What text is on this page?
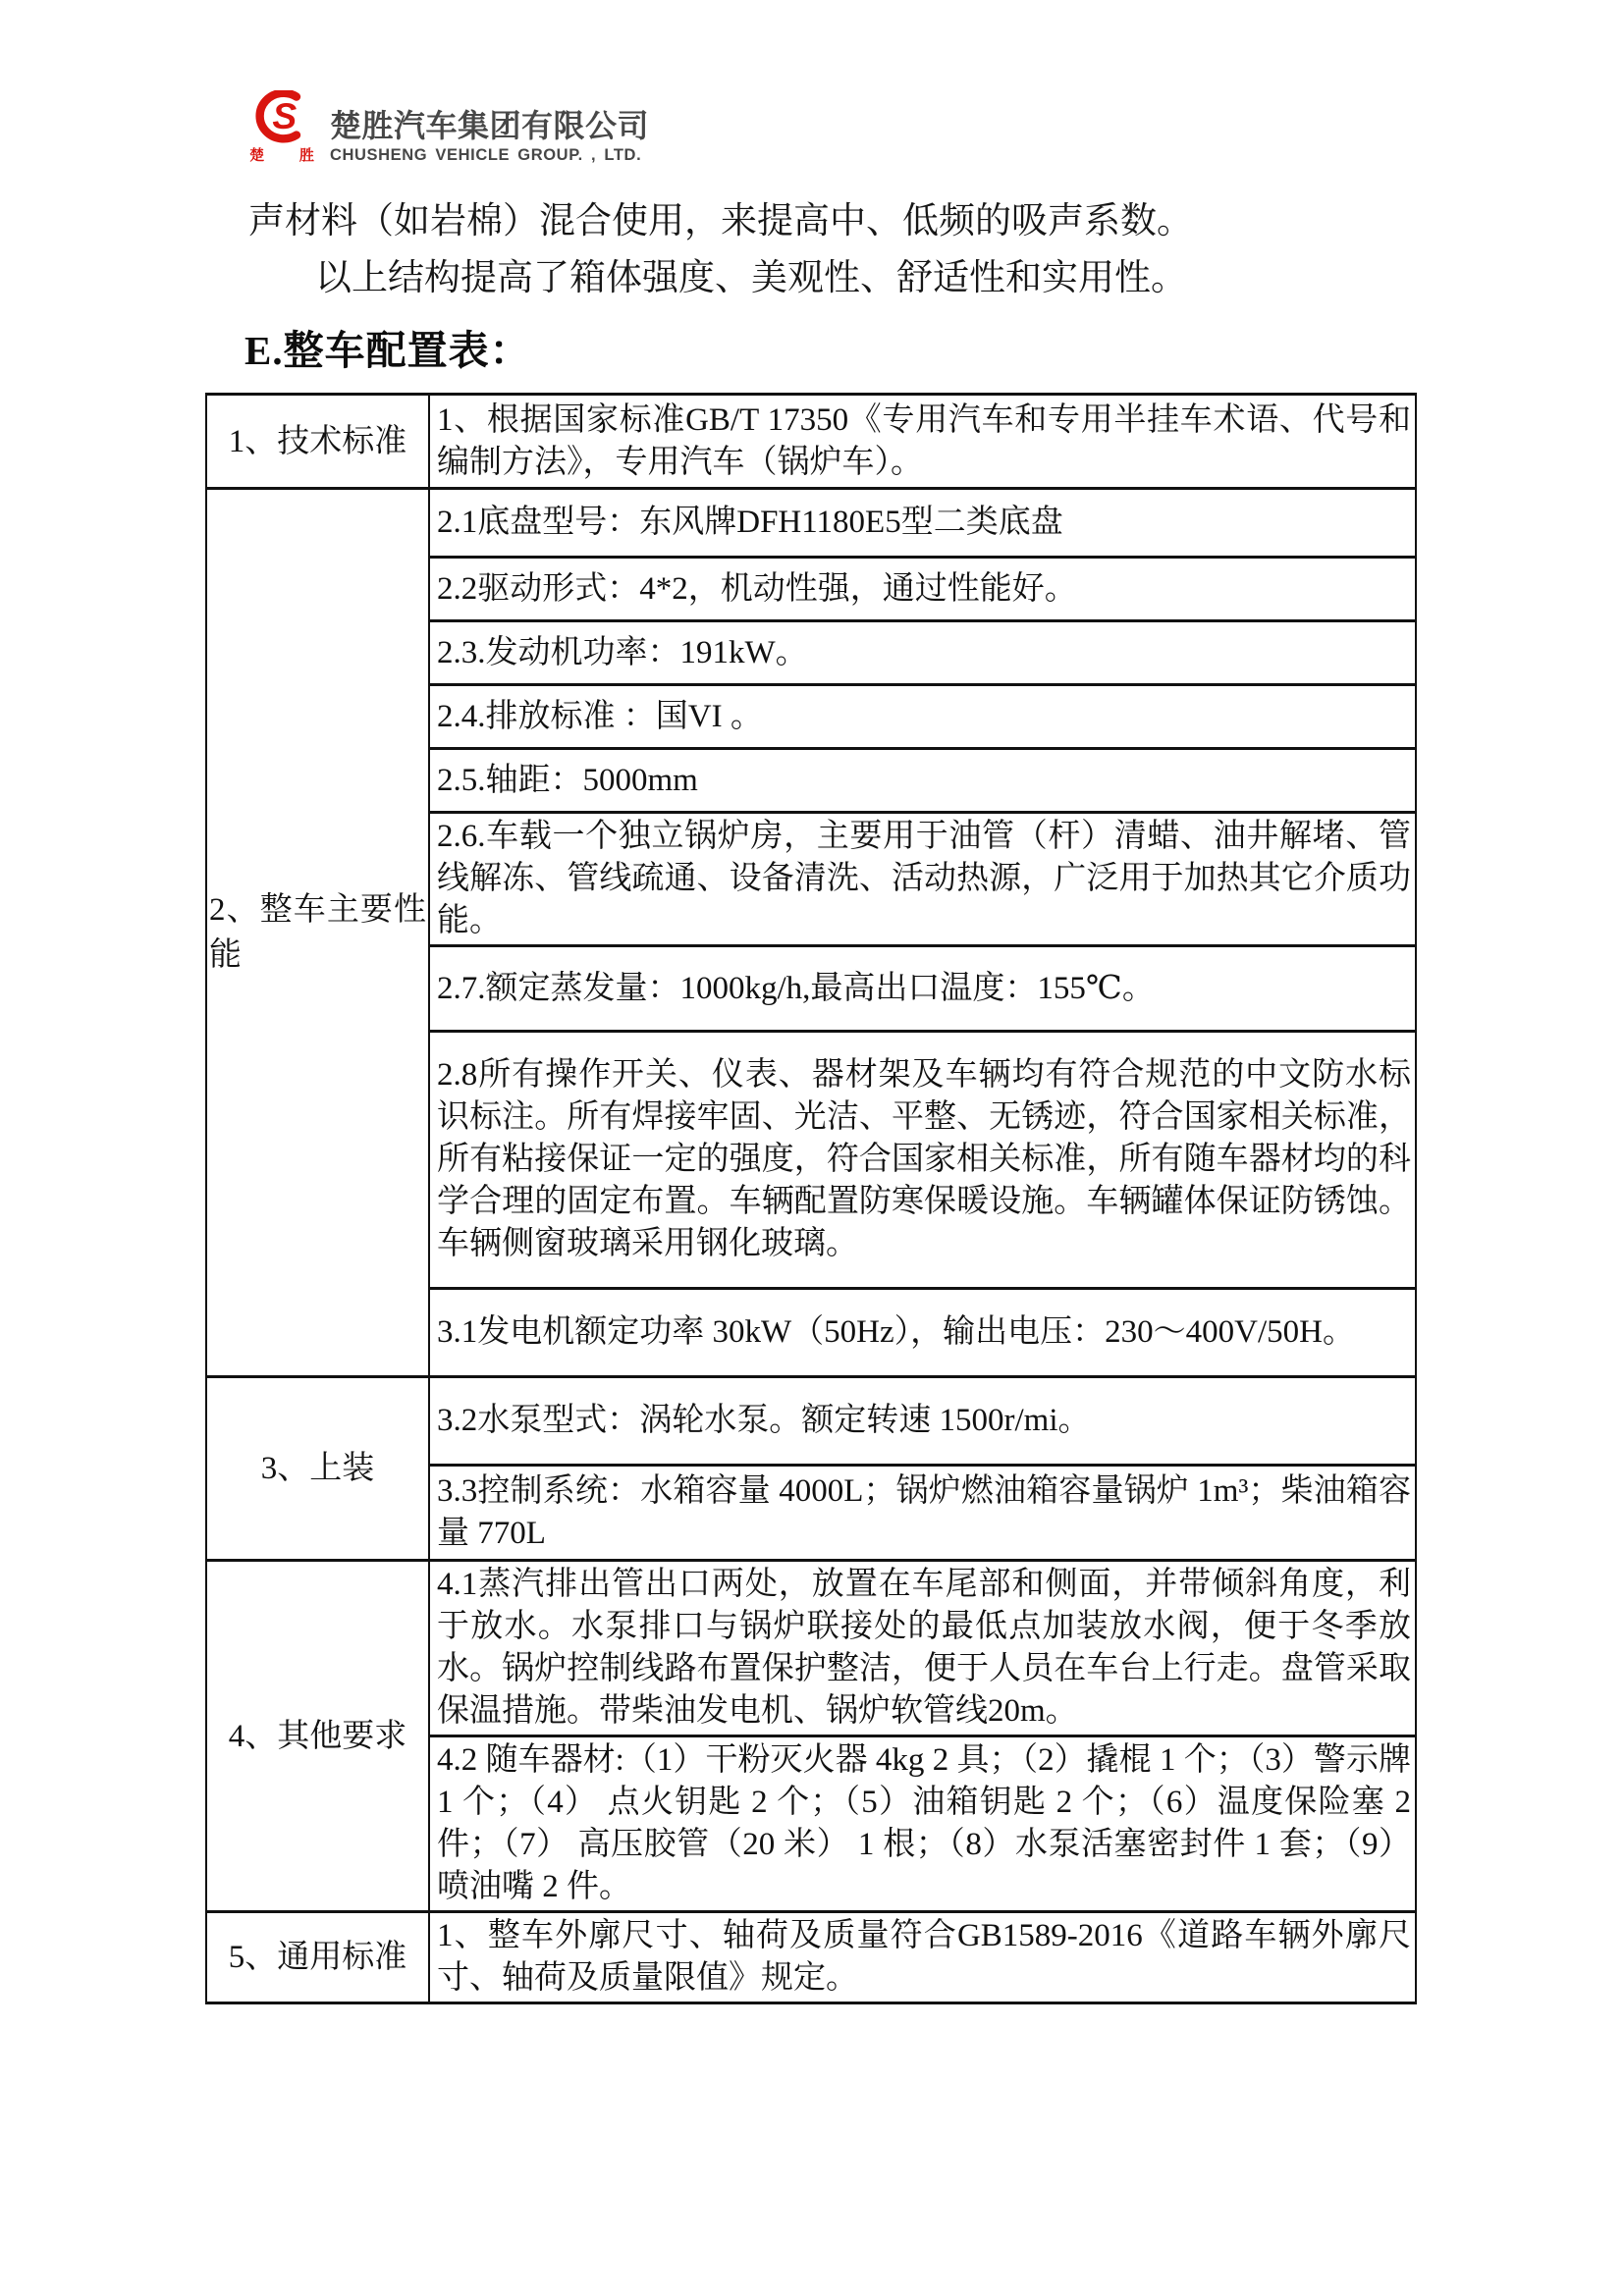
S
楚 胜
楚胜汽车集团有限公司
CHUSHENG VEHICLE GROUP. , LTD.
声材料（如岩棉）混合使用，来提高中、低频的吸声系数。
以上结构提高了箱体强度、美观性、舒适性和实用性。
E.整车配置表：
1、技术标准	1、根据国家标准GB/T 17350《专用汽车和专用半挂车术语、代号和编制方法》，专用汽车（锅炉车）。
2、整车主要性能	2.1底盘型号：东风牌DFH1180E5型二类底盘
	2.2驱动形式：4*2，机动性强，通过性能好。
	2.3.发动机功率：191kW。
	2.4.排放标准 ：国VI 。
	2.5.轴距：5000mm
	2.6.车载一个独立锅炉房，主要用于油管（杆）清蜡、油井解堵、管线解冻、管线疏通、设备清洗、活动热源，广泛用于加热其它介质功能。
	2.7.额定蒸发量：1000kg/h,最高出口温度：155℃。
	2.8所有操作开关、仪表、器材架及车辆均有符合规范的中文防水标识标注。所有焊接牢固、光洁、平整、无锈迹，符合国家相关标准，所有粘接保证一定的强度，符合国家相关标准，所有随车器材均的科学合理的固定布置。车辆配置防寒保暖设施。车辆罐体保证防锈蚀。车辆侧窗玻璃采用钢化玻璃。
	3.1发电机额定功率 30kW（50Hz），输出电压：230～400V/50H。
3、上装	3.2水泵型式：涡轮水泵。额定转速 1500r/mi。
	3.3控制系统：水箱容量 4000L；锅炉燃油箱容量锅炉 1m³；柴油箱容量 770L
4、其他要求	4.1蒸汽排出管出口两处，放置在车尾部和侧面，并带倾斜角度，利于放水。水泵排口与锅炉联接处的最低点加装放水阀，便于冬季放水。锅炉控制线路布置保护整洁，便于人员在车台上行走。盘管采取保温措施。带柴油发电机、锅炉软管线20m。
	4.2 随车器材:（1）干粉灭火器 4kg 2 具；（2）撬棍 1 个；（3）警示牌 1 个；（4） 点火钥匙 2 个；（5）油箱钥匙 2 个；（6）温度保险塞 2 件；（7） 高压胶管（20 米） 1 根；（8）水泵活塞密封件 1 套；（9）喷油嘴 2 件。
5、通用标准	1、整车外廓尺寸、轴荷及质量符合GB1589-2016《道路车辆外廓尺寸、轴荷及质量限值》规定。
